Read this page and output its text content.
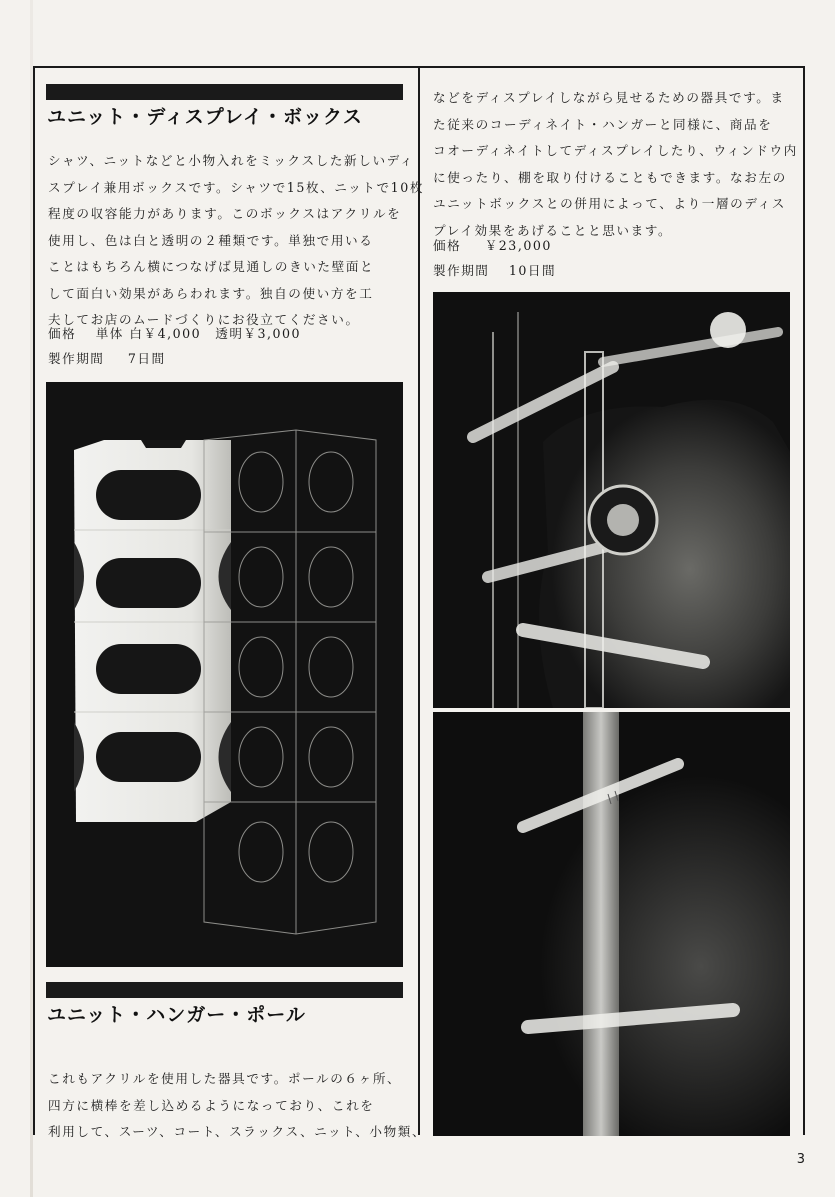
ユニット・ディスプレイ・ボックス
シャツ、ニットなどと小物入れをミックスした新しいディ
スプレイ兼用ボックスです。シャツで15枚、ニットで10枚
程度の収容能力があります。このボックスはアクリルを
使用し、色は白と透明の２種類です。単独で用いる
ことはもちろん横につなげば見通しのきいた壁面と
して面白い効果があらわれます。独自の使い方を工
夫してお店のムードづくりにお役立てください。
価格 単体 白￥4,000　透明￥3,000
製作期間 7日間
ユニット・ハンガー・ポール
これもアクリルを使用した器具です。ポールの６ヶ所、
四方に横棒を差し込めるようになっており、これを
利用して、スーツ、コート、スラックス、ニット、小物類、
などをディスプレイしながら見せるための器具です。ま
た従来のコーディネイト・ハンガーと同様に、商品を
コオーディネイトしてディスプレイしたり、ウィンドウ内
に使ったり、棚を取り付けることもできます。なお左の
ユニットボックスとの併用によって、より一層のディス
プレイ効果をあげることと思います。
価格 ￥23,000
製作期間 10日間
3
